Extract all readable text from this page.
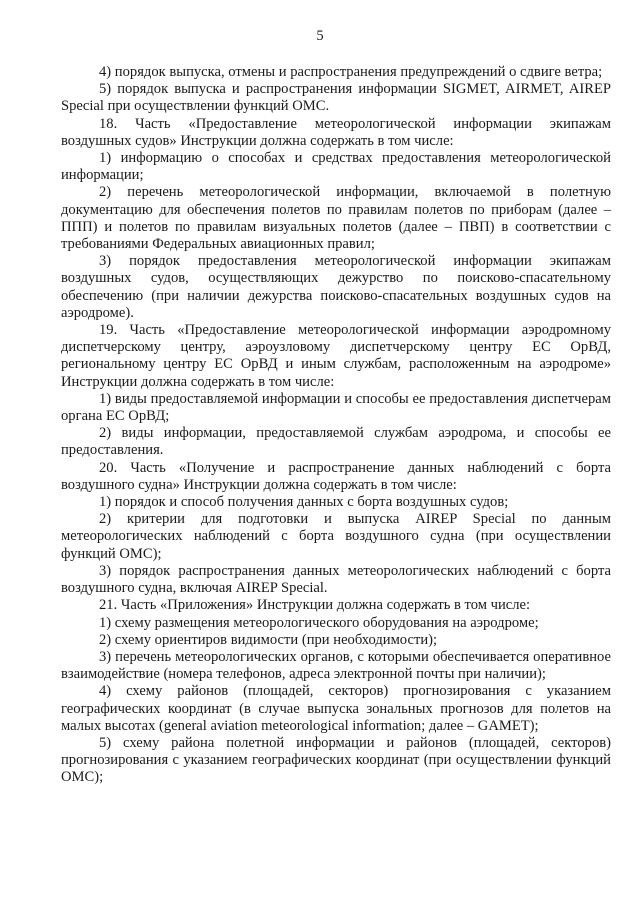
5

4) порядок выпуска, отмены и распространения предупреждений о сдвиге ветра;

5) порядок выпуска и распространения информации SIGMET, AIRMET, AIREP Special при осуществлении функций ОМС.

18. Часть «Предоставление метеорологической информации экипажам воздушных судов» Инструкции должна содержать в том числе:

1) информацию о способах и средствах предоставления метеорологической информации;

2) перечень метеорологической информации, включаемой в полетную документацию для обеспечения полетов по правилам полетов по приборам (далее – ППП) и полетов по правилам визуальных полетов (далее – ПВП) в соответствии с требованиями Федеральных авиационных правил;

3) порядок предоставления метеорологической информации экипажам воздушных судов, осуществляющих дежурство по поисково-спасательному обеспечению (при наличии дежурства поисково-спасательных воздушных судов на аэродроме).

19. Часть «Предоставление метеорологической информации аэродромному диспетчерскому центру, аэроузловому диспетчерскому центру ЕС ОрВД, региональному центру ЕС ОрВД и иным службам, расположенным на аэродроме» Инструкции должна содержать в том числе:

1) виды предоставляемой информации и способы ее предоставления диспетчерам органа ЕС ОрВД;

2) виды информации, предоставляемой службам аэродрома, и способы ее предоставления.

20. Часть «Получение и распространение данных наблюдений с борта воздушного судна» Инструкции должна содержать в том числе:

1) порядок и способ получения данных с борта воздушных судов;

2) критерии для подготовки и выпуска AIREP Special по данным метеорологических наблюдений с борта воздушного судна (при осуществлении функций ОМС);

3) порядок распространения данных метеорологических наблюдений с борта воздушного судна, включая AIREP Special.

21. Часть «Приложения» Инструкции должна содержать в том числе:

1) схему размещения метеорологического оборудования на аэродроме;

2) схему ориентиров видимости (при необходимости);

3) перечень метеорологических органов, с которыми обеспечивается оперативное взаимодействие (номера телефонов, адреса электронной почты при наличии);

4) схему районов (площадей, секторов) прогнозирования с указанием географических координат (в случае выпуска зональных прогнозов для полетов на малых высотах (general aviation meteorological information; далее – GAMET);

5) схему района полетной информации и районов (площадей, секторов) прогнозирования с указанием географических координат (при осуществлении функций ОМС);
